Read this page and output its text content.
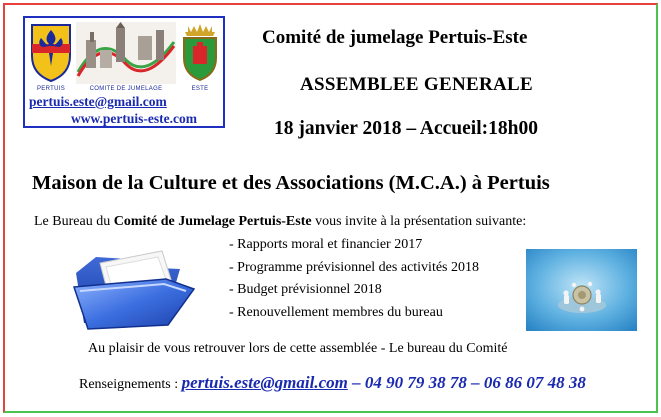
PERTUIS	COMITE DE JUMELAGE	ESTE
pertuis.este@gmail.com
www.pertuis-este.com
Comité de jumelage Pertuis-Este
ASSEMBLEE GENERALE
18 janvier 2018 – Accueil:18h00
Maison de la Culture et des Associations (M.C.A.) à Pertuis
Le Bureau du Comité de Jumelage Pertuis-Este vous invite à la présentation suivante:
- Rapports moral et financier 2017
- Programme prévisionnel des activités 2018
- Budget prévisionnel 2018
- Renouvellement membres du bureau
Au plaisir de vous retrouver lors de cette assemblée - Le bureau du Comité
Renseignements : pertuis.este@gmail.com – 04 90 79 38 78 – 06 86 07 48 38
